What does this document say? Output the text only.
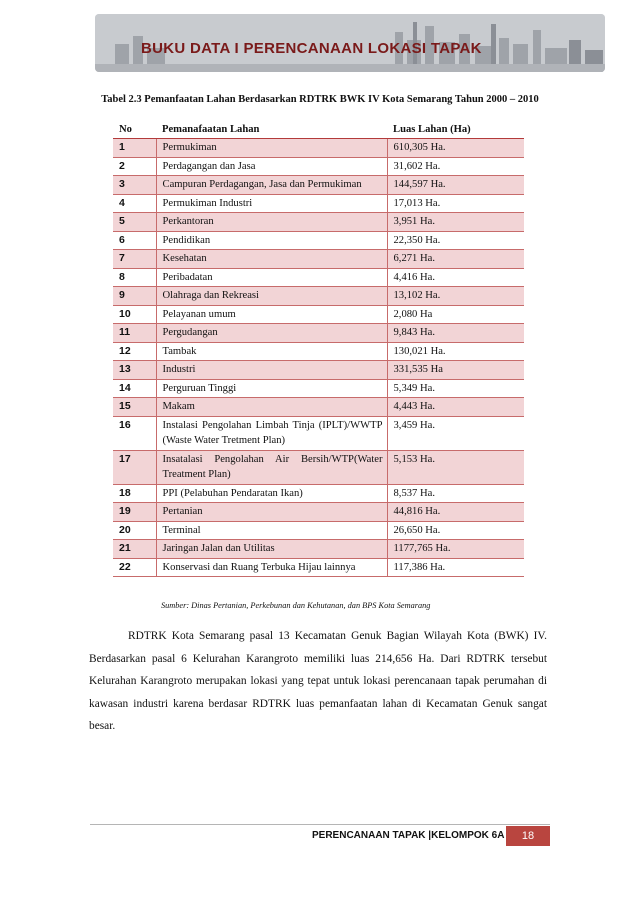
BUKU DATA I PERENCANAAN LOKASI TAPAK
Tabel 2.3 Pemanfaatan Lahan Berdasarkan RDTRK BWK IV Kota Semarang Tahun 2000 – 2010
No	Pemanafaatan Lahan	Luas Lahan (Ha)
1	Permukiman	610,305 Ha.
2	Perdagangan dan Jasa	31,602 Ha.
3	Campuran Perdagangan, Jasa dan Permukiman	144,597 Ha.
4	Permukiman Industri	17,013 Ha.
5	Perkantoran	3,951 Ha.
6	Pendidikan	22,350 Ha.
7	Kesehatan	6,271 Ha.
8	Peribadatan	4,416 Ha.
9	Olahraga dan Rekreasi	13,102 Ha.
10	Pelayanan umum	2,080 Ha
11	Pergudangan	9,843 Ha.
12	Tambak	130,021 Ha.
13	Industri	331,535 Ha
14	Perguruan Tinggi	5,349 Ha.
15	Makam	4,443 Ha.
16	Instalasi Pengolahan Limbah Tinja (IPLT)/WWTP (Waste Water Tretment Plan)	3,459 Ha.
17	Insatalasi Pengolahan Air Bersih/WTP(Water Treatment Plan)	5,153 Ha.
18	PPI (Pelabuhan Pendaratan Ikan)	8,537 Ha.
19	Pertanian	44,816 Ha.
20	Terminal	26,650 Ha.
21	Jaringan Jalan dan Utilitas	1177,765 Ha.
22	Konservasi dan Ruang Terbuka Hijau lainnya	117,386 Ha.
Sumber: Dinas Pertanian, Perkebunan dan Kehutanan, dan BPS Kota Semarang

RDTRK Kota Semarang pasal 13 Kecamatan Genuk Bagian Wilayah Kota (BWK) IV. Berdasarkan pasal 6 Kelurahan Karangroto memiliki luas 214,656 Ha. Dari RDTRK tersebut Kelurahan Karangroto merupakan lokasi yang tepat untuk lokasi perencanaan tapak perumahan di kawasan industri karena berdasar RDTRK luas pemanfaatan lahan di Kecamatan Genuk sangat besar.

PERENCANAAN TAPAK |KELOMPOK 6A	18
